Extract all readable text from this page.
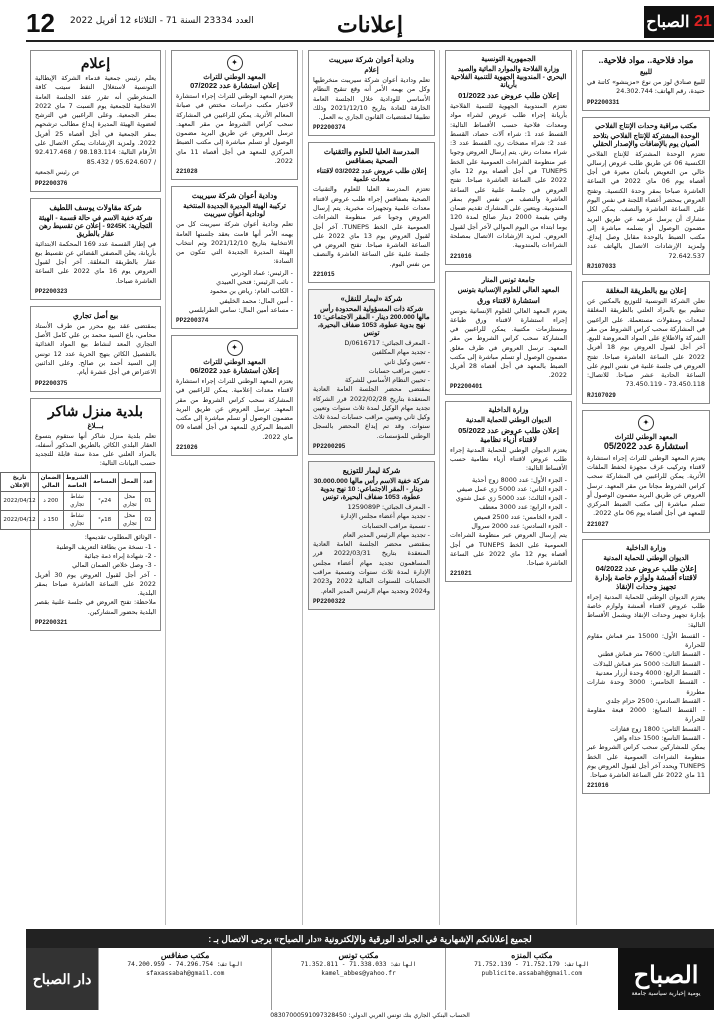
12 العدد 23334 السنة 71 - الثلاثاء 12 أفريل 2022	إعلانات	21

الصباح
مواد فلاحية.. مواد فلاحية..
للبيع

للبيع صنادق لوز من نوع «مزينشو» كاتنة في حنيدة، رقم الهاتف: 24.302.744

PP2200331
مكتب مراقبة وحدات الإنتاج الفلاحي
الوحدة المشتركة للإنتاج الفلاحي بتلاحد الصيان يوم بالإضافات والإصدار الحقلي

تعتزم الوحدة المشتركة للإنتاج الفلاحي الكنسية 06 عن طريق طلب عروض إرسالي خالي من التعويض بأثمان معيرة في أجل أقصاه يوم 06 ماي 2022 في الساعة العاشرة صباحا بمقر وحدة الكنسية. وتفتح العروض بمحضر أعضاء اللجنة في نفس اليوم على الساعة العاشرة والنصف. يمكن لكل مشارك أن يرسل عرضه عن طريق البريد مضمون الوصول أو يسلمه مباشرة إلى مكتب الضبط بالوحدة مقابل وصل إيداع. ولمزيد الإرشادات الاتصال بالهاتف عدد 72.642.537

RJ107033
إعلان بيع بالطريقة المغلقة

تعلن الشركة التونسية للتوزيع بالمكنين عن تنظيم بيع بالمزاد العلني بالطريقة المغلقة لمعدات ومنقولات مستعملة. على الراغبين في المشاركة سحب كراس الشروط من مقر الشركة والاطلاع على المواد المعروضة للبيع. آخر أجل لقبول العروض يوم 18 أفريل 2022 على الساعة العاشرة صباحا. تفتح العروض في جلسة علنية في نفس اليوم على الساعة الحادية عشر صباحا. للاتصال: 73.450.118 - 73.450.119

RJ107029
✦
المعهد الوطني للتراث
استشارة عدد 05/2022

يعتزم المعهد الوطني للتراث إجراء استشارة لاقتناء وتركيب غرف مجهزة لحفظ الملفات الأثرية. يمكن للراغبين في المشاركة سحب كراس الشروط مجانا من مقر المعهد. ترسل العروض عن طريق البريد مضمون الوصول أو تسلم مباشرة إلى مكتب الضبط المركزي للمعهد في أجل أقصاه يوم 06 ماي 2022.

221027
وزارة الداخلية
الديوان الوطني للحماية المدنية
إعلان طلب عروض عدد 04/2022 لاقتناء أقمشة ولوازم خاصة بإدارة تجهيز وحدات الإنقاذ

يعتزم الديوان الوطني للحماية المدنية إجراء طلب عروض لاقتناء أقمشة ولوازم خاصة بإدارة تجهيز وحدات الإنقاذ ويشمل الأقساط التالية:

- القسط الأول: 15000 متر قماش مقاوم للحرارة
- القسط الثاني: 7600 متر قماش قطني
- القسط الثالث: 5000 متر قماش للبذلات
- القسط الرابع: 4000 وحدة أزرار معدنية
- القسط الخامس: 3000 وحدة شارات مطرزة
- القسط السادس: 2500 حزام جلدي
- القسط السابع: 2000 قبعة مقاومة للحرارة
- القسط الثامن: 1800 زوج قفازات
- القسط التاسع: 1500 حذاء واقي

يمكن للمشاركين سحب كراس الشروط عبر منظومة الشراءات العمومية على الخط TUNEPS ويحدد آخر أجل لقبول العروض يوم 11 ماي 2022 على الساعة العاشرة صباحا.

221016
الجمهورية التونسية
وزارة الفلاحة والموارد المائية والصيد البحري - المندوبية الجهوية للتنمية الفلاحية بأريانة
إعلان طلب عروض عدد 01/2022

تعتزم المندوبية الجهوية للتنمية الفلاحية بأريانة إجراء طلب عروض لشراء مواد ومعدات فلاحية حسب الأقساط التالية: القسط عدد 1: شراء آلات حصاد، القسط عدد 2: شراء مضخات ري، القسط عدد 3: شراء معدات رش. يتم إرسال العروض وجوبا عبر منظومة الشراءات العمومية على الخط TUNEPS في أجل أقصاه يوم 12 ماي 2022 على الساعة العاشرة صباحا. تفتح العروض في جلسة علنية على الساعة العاشرة والنصف من نفس اليوم بمقر المندوبية. ويتعين على المشارك تقديم ضمان وقتي بقيمة 2000 دينار صالح لمدة 120 يوما ابتداء من اليوم الموالي لآخر أجل لقبول العروض. لمزيد الإرشادات الاتصال بمصلحة الشراءات بالمندوبية.

221016
جامعة تونس المنار
المعهد العالي للعلوم الإنسانية بتونس
استشارة لاقتناء ورق

يعتزم المعهد العالي للعلوم الإنسانية بتونس إجراء استشارة لاقتناء ورق طباعة ومستلزمات مكتبية. يمكن للراغبين في المشاركة سحب كراس الشروط من مقر المعهد. ترسل العروض في ظرف مغلق مضمون الوصول أو تسلم مباشرة إلى مكتب الضبط بالمعهد في أجل أقصاه 28 أفريل 2022.

PP2200401
وزارة الداخلية
الديوان الوطني للحماية المدنية
إعلان طلب عروض عدد 05/2022 لاقتناء أزياء نظامية

يعتزم الديوان الوطني للحماية المدنية إجراء طلب عروض لاقتناء أزياء نظامية حسب الأقساط التالية:

- الجزء الأول: عدد 8000 زوج أحذية
- الجزء الثاني: عدد 5000 زي عمل صيفي
- الجزء الثالث: عدد 5000 زي عمل شتوي
- الجزء الرابع: عدد 3000 معطف
- الجزء الخامس: عدد 2500 قميص
- الجزء السادس: عدد 2000 سروال

يتم إرسال العروض عبر منظومة الشراءات العمومية على الخط TUNEPS في أجل أقصاه يوم 12 ماي 2022 على الساعة العاشرة صباحا.

221021
ودادية أعوان شركة سيريبت
إعلام

تعلم ودادية أعوان شركة سيريبت منخرطيها وكل من يهمه الأمر أنه وقع تنقيح النظام الأساسي للودادية خلال الجلسة العامة الخارقة للعادة بتاريخ 2021/12/10 وذلك تطبيقا لمقتضيات القانون الجاري به العمل.

PP2200374
المدرسة العليا للعلوم والتقنيات الصحية بصفاقس
إعلان طلب عروض عدد 03/2022 لاقتناء معدات علمية

تعتزم المدرسة العليا للعلوم والتقنيات الصحية بصفاقس إجراء طلب عروض لاقتناء معدات علمية وتجهيزات مخبرية. يتم إرسال العروض وجوبا عبر منظومة الشراءات العمومية على الخط TUNEPS. آخر أجل لقبول العروض يوم 13 ماي 2022 على الساعة العاشرة صباحا. تفتح العروض في جلسة علنية على الساعة العاشرة والنصف من نفس اليوم.

221015
شركة «ليمار للنقل»
شركة ذات المسؤولية المحدودة رأس مالها 200.000 دينار - المقر الاجتماعي: 10 نهج بدوية عطوة، 1053 ضفاف البحيرة، تونس
- المعرف الجبائي: 0616717/D
- تجديد مهام المكلفين
- تعيين وكيل ثاني
- تعيين مراقب حسابات
- تحيين النظام الأساسي للشركة

بمقتضى محضر الجلسة العامة العادية المنعقدة بتاريخ 2022/02/28 قرر الشركاء تجديد مهام الوكيل لمدة ثلاث سنوات وتعيين وكيل ثاني وتعيين مراقب حسابات لمدة ثلاث سنوات. وقد تم إيداع المحضر بالسجل الوطني للمؤسسات.

PP2200295
شركة ليمار للتوزيع
شركة خفية الاسم رأس مالها 30.000.000 دينار - المقر الاجتماعي: 10 نهج بدوية عطوة، 1053 ضفاف البحيرة، تونس
- المعرف الجبائي: 1259089P
- تجديد مهام أعضاء مجلس الإدارة
- تسمية مراقب الحسابات
- تجديد مهام الرئيس المدير العام

بمقتضى محضر الجلسة العامة العادية المنعقدة بتاريخ 2022/03/31 قرر المساهمون تجديد مهام أعضاء مجلس الإدارة لمدة ثلاث سنوات وتسمية مراقب الحسابات للسنوات المالية 2022 و2023 و2024 وتجديد مهام الرئيس المدير العام.

PP2200322
✦
المعهد الوطني للتراث
إعلان استشارة عدد 07/2022

يعتزم المعهد الوطني للتراث إجراء استشارة لاختيار مكتب دراسات مختص في صيانة المعالم الأثرية. يمكن للراغبين في المشاركة سحب كراس الشروط من مقر المعهد. ترسل العروض عن طريق البريد مضمون الوصول أو تسلم مباشرة إلى مكتب الضبط المركزي للمعهد في أجل أقصاه 11 ماي 2022.

221028
ودادية أعوان شركة سيريبت
تركيبة الهيئة المديرة الجديدة المنتخبة لودادية أعوان سيريبت

تعلم ودادية أعوان شركة سيريبت كل من يهمه الأمر أنها قامت بعقد جلستها العامة الانتخابية بتاريخ 2021/12/10 وتم انتخاب الهيئة المديرة الجديدة التي تتكون من السادة:

- الرئيس: عماد الودرني
- نائب الرئيس: فتحي العبيدي
- الكاتب العام: رياض بن محمود
- أمين المال: محمد الخليفي
- مساعد أمين المال: سامي الطرابلسي
PP2200374
✦
المعهد الوطني للتراث
إعلان استشارة عدد 06/2022

يعتزم المعهد الوطني للتراث إجراء استشارة لاقتناء معدات إعلامية. يمكن للراغبين في المشاركة سحب كراس الشروط من مقر المعهد. ترسل العروض عن طريق البريد مضمون الوصول أو تسلم مباشرة إلى مكتب الضبط المركزي للمعهد في أجل أقصاه 09 ماي 2022.

221026
إعلام

يعلم رئيس جمعية قدماء الشركة الإيطالية التونسية لاستغلال النفط سيتب كافة المنخرطين أنه تقرر عقد الجلسة العامة الانتخابية للجمعية يوم السبت 7 ماي 2022 بمقر الجمعية. وعلى الراغبين في الترشح لعضوية الهيئة المديرة إيداع مطالب ترشحهم بمقر الجمعية في أجل أقصاه 25 أفريل 2022. ولمزيد الإرشادات يمكن الاتصال على الأرقام التالية: 98.183.114 / 92.417.468 / 95.624.607 / 85.432

عن رئيس الجمعية
PP2200376
شركة مقاولات يوسف اللطيف
شركة خفية الاسم في حالة قسمة - الهيئة التجارية: 9245K - إعلان عن تقسيط رهن عقار بالطريق

في إطار القسمة عدد 169 المحكمة الابتدائية بأريانة، يعلن المصفي القضائي عن تقسيط بيع عقار بالطريقة المغلقة. آخر أجل لقبول العروض يوم 16 ماي 2022 على الساعة العاشرة صباحا.

PP2200323
بيع أصل تجاري

بمقتضى عقد بيع محرر من طرف الأستاذ محامي، باع السيد محمد بن علي كامل الأصل التجاري المعد لنشاط بيع المواد الغذائية بالتفصيل الكائن بنهج الحرية عدد 12 تونس إلى السيد أحمد بن صالح. وعلى الدائنين الاعتراض في أجل عشرة أيام.

PP2200375
بلدية منزل شاكر
بـــلاغ

تعلم بلدية منزل شاكر أنها ستقوم بتسوغ العقار البلدي الكائن بالطريق المذكور أسفله، بالمزاد العلني على مدة سنة قابلة للتجديد حسب البيانات التالية:

عدد	المحل	المساحة	الشروط الخاصة	الضمان المالي	تاريخ الإعلان
01	محل تجاري	24م²	نشاط تجاري	200 د	2022/04/12
02	محل تجاري	18م²	نشاط تجاري	150 د	2022/04/12
- الوثائق المطلوب تقديمها:
- 1- نسخة من بطاقة التعريف الوطنية
- 2- شهادة إبراء ذمة جبائية
- 3- وصل خلاص الضمان المالي
- آخر أجل لقبول العروض يوم 30 أفريل 2022 على الساعة العاشرة صباحا بمقر البلدية.

ملاحظة: تفتح العروض في جلسة علنية بقصر البلدية بحضور المشاركين.

PP2200321
لجميع إعلاناتكم الإشهارية في الجرائد الورقية والإلكترونية «دار الصباح» يرجى الاتصال بـ :
الصباح
يومية إخبارية سياسية جامعة
مكتب المنزه
الهاتف: 71.752.179 - 71.752.139
publicite.assabah@gmail.com
مكتب تونس
الهاتف: 71.338.033 - 71.352.811
kamel_abbes@yahoo.fr
مكتب صفاقس
الهاتف: 74.296.754 - 74.200.959
sfaxassabah@gmail.com
دار الصباح
08307000591097328450 :الحساب البنكي الجاري بنك تونس العربي الدولي
